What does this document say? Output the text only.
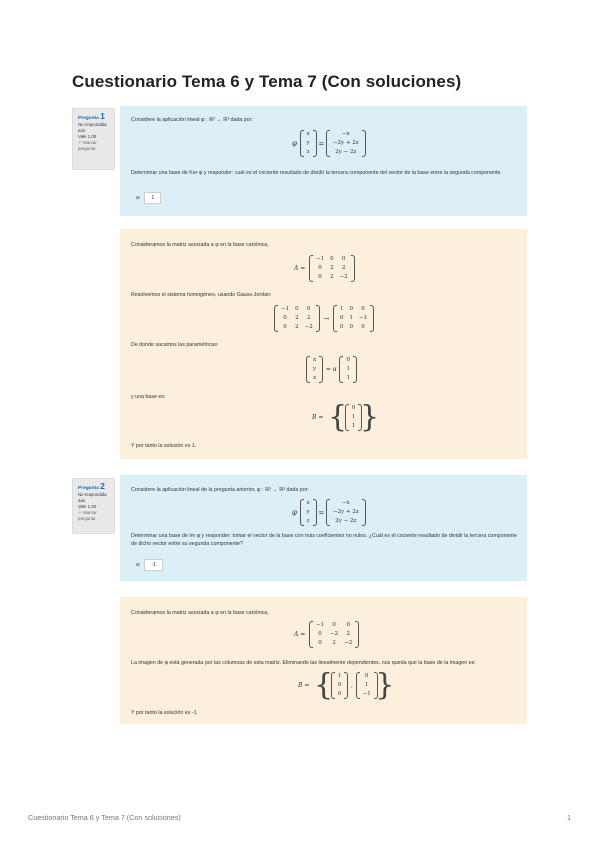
Cuestionario Tema 6 y Tema 7 (Con soluciones)
Pregunta 1
No respondida aún
Vale 1,00
⚐ Marcar pregunta
Considere la aplicación lineal φ : ℝ³ → ℝ³ dada por:
φ
x
y
z
=
−x
−2y + 2z
2y − 2z
Determinar una base de Ker φ y responder: cuál es el cociente resultado de dividir la tercera componente del vector de la base entre la segunda componente.
a: 1
Consideramos la matriz asociada a φ en la base canónica,
A =
−1	0	0
0	2	2
0	2	−2
Resolvemos el sistema homogéneo, usando Gauss-Jordan:
−1	0	0
0	2	2
0	2	−2
→
1	0	0
0	1	−1
0	0	0
De donde sacamos las paramétricas:
x
y
z
= α
0
1
1
y una base es:
B = { 0
1
1 }
Y por tanto la solución es 1.
Pregunta 2
No respondida aún
Vale 1,00
⚐ Marcar pregunta
Considere la aplicación lineal de la pregunta anterior, φ : ℝ³ → ℝ³ dada por:
φ
x
y
z
=
−x
−2y + 2z
2y − 2z
Determinar una base de Im φ y responder: tomar el vector de la base con más coeficientes no nulos. ¿Cuál es el cociente resultado de dividir la tercera componente de dicho vector entre su segunda componente?
a: -1
Consideramos la matriz asociada a φ en la base canónica,
A =
−1	0	0
0	−2	2
0	2	−2
La imagen de φ está generada por las columnas de esta matriz. Eliminando las linealmente dependientes, nos queda que la base de la imagen es:
B = { 1
0
0
,
0
1
−1 }
Y por tanto la solución es -1.
Cuestionario Tema 6 y Tema 7 (Con soluciones)	1
